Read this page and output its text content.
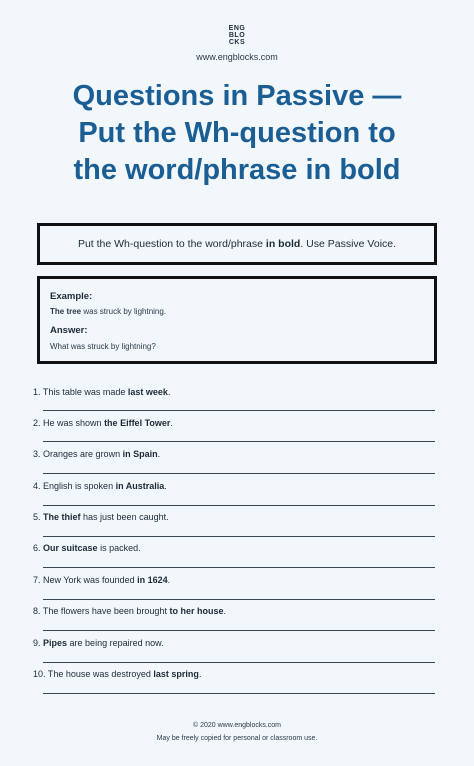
ENG
BLO
CKS
www.engblocks.com
Questions in Passive —
Put the Wh-question to
the word/phrase in bold
Put the Wh-question to the word/phrase in bold. Use Passive Voice.
Example:
The tree was struck by lightning.
Answer:
What was struck by lightning?
1. This table was made last week.
2. He was shown the Eiffel Tower.
3. Oranges are grown in Spain.
4. English is spoken in Australia.
5. The thief has just been caught.
6. Our suitcase is packed.
7. New York was founded in 1624.
8. The flowers have been brought to her house.
9. Pipes are being repaired now.
10. The house was destroyed last spring.
© 2020 www.engblocks.com
May be freely copied for personal or classroom use.
